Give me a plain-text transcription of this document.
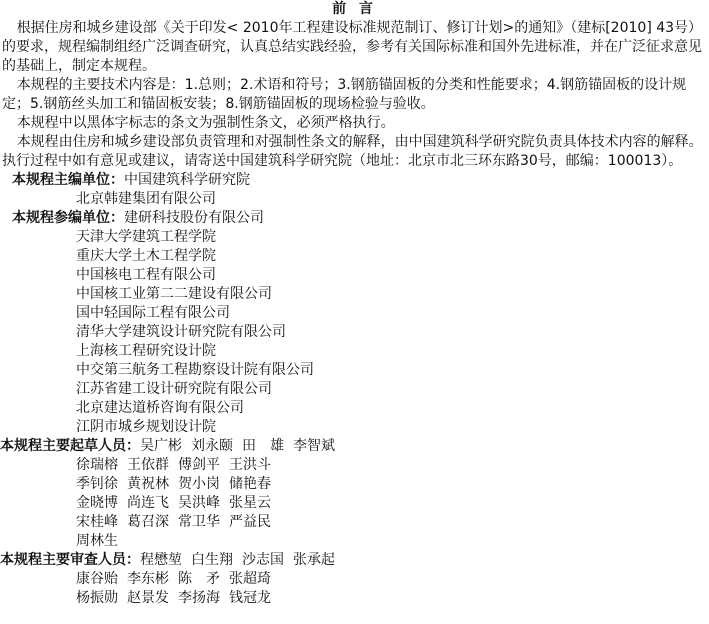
前 言

根据住房和城乡建设部《关于印发< 2010年工程建设标准规范制订、修订计划>的通知》（建标[2010] 43号）的要求，规程编制组经广泛调查研究，认真总结实践经验，参考有关国际标准和国外先进标准，并在广泛征求意见的基础上，制定本规程。

本规程的主要技术内容是：1.总则；2.术语和符号；3.钢筋锚固板的分类和性能要求；4.钢筋锚固板的设计规定；5.钢筋丝头加工和锚固板安装；8.钢筋锚固板的现场检验与验收。

本规程中以黑体字标志的条文为强制性条文，必须严格执行。

本规程由住房和城乡建设部负责管理和对强制性条文的解释，由中国建筑科学研究院负责具体技术内容的解释。执行过程中如有意见或建议，请寄送中国建筑科学研究院（地址：北京市北三环东路30号，邮编：100013）。

本规程主编单位：中国建筑科学研究院
北京韩建集团有限公司
本规程参编单位：建研科技股份有限公司
天津大学建筑工程学院
重庆大学土木工程学院
中国核电工程有限公司
中国核工业第二二建设有限公司
国中轻国际工程有限公司
清华大学建筑设计研究院有限公司
上海核工程研究设计院
中交第三航务工程勘察设计院有限公司
江苏省建工设计研究院有限公司
北京建达道桥咨询有限公司
江阴市城乡规划设计院
本规程主要起草人员：吴广彬 刘永颐 田　雄 李智斌
徐瑞榕 王依群 傅剑平 王洪斗
季钊徐 黄祝林 贺小岗 储艳春
金晓博 尚连飞 吴洪峰 张星云
宋桂峰 葛召深 常卫华 严益民
周林生
本规程主要审查人员：程懋堃 白生翔 沙志国 张承起
康谷贻 李东彬 陈　矛 张超琦
杨振勋 赵景发 李扬海 钱冠龙
